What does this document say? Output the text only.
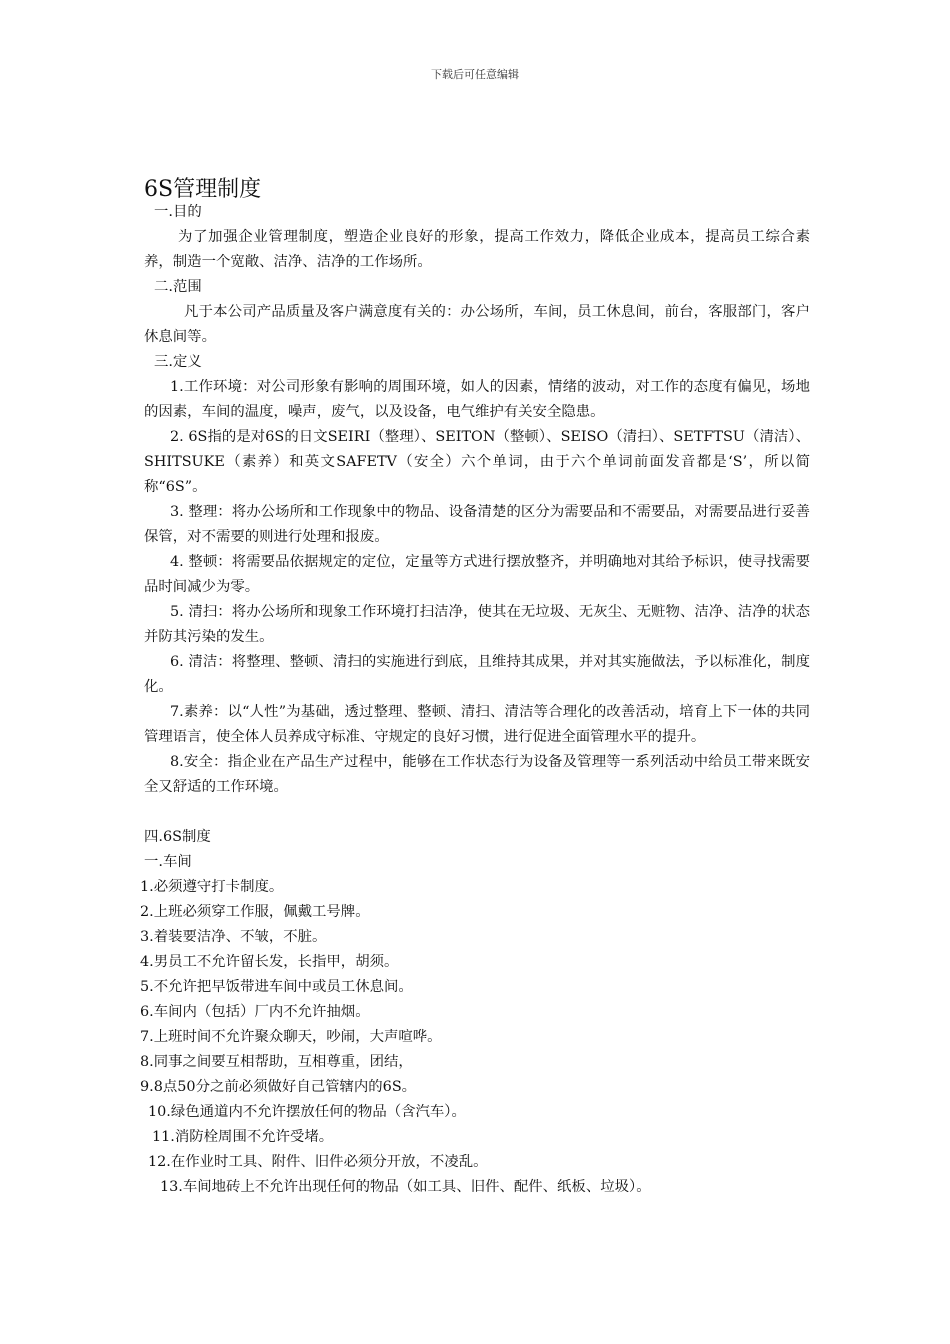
下载后可任意编辑
6S管理制度

一.目的

为了加强企业管理制度，塑造企业良好的形象，提高工作效力，降低企业成本，提高员工综合素养，制造一个宽敞、洁净、洁净的工作场所。

二.范围

凡于本公司产品质量及客户满意度有关的：办公场所，车间，员工休息间，前台，客服部门，客户休息间等。

三.定义

1.工作环境：对公司形象有影响的周围环境，如人的因素，情绪的波动，对工作的态度有偏见，场地的因素，车间的温度，噪声，废气，以及设备，电气维护有关安全隐患。

2. 6S指的是对6S的日文SEIRI（整理）、SEITON（整顿）、SEISO（清扫）、SETFTSU（清洁）、SHITSUKE（素养）和英文SAFETV（安全）六个单词，由于六个单词前面发音都是‘S’，所以简称“6S”。

3. 整理：将办公场所和工作现象中的物品、设备清楚的区分为需要品和不需要品，对需要品进行妥善保管，对不需要的则进行处理和报废。

4. 整顿：将需要品依据规定的定位，定量等方式进行摆放整齐，并明确地对其给予标识，使寻找需要品时间减少为零。

5. 清扫：将办公场所和现象工作环境打扫洁净，使其在无垃圾、无灰尘、无赃物、洁净、洁净的状态并防其污染的发生。

6. 清洁：将整理、整顿、清扫的实施进行到底，且维持其成果，并对其实施做法，予以标准化，制度化。

7.素养：以“人性”为基础，透过整理、整顿、清扫、清洁等合理化的改善活动，培育上下一体的共同管理语言，使全体人员养成守标准、守规定的良好习惯，进行促进全面管理水平的提升。

8.安全：指企业在产品生产过程中，能够在工作状态行为设备及管理等一系列活动中给员工带来既安全又舒适的工作环境。

四.6S制度

一.车间

1.必须遵守打卡制度。

2.上班必须穿工作服，佩戴工号牌。

3.着装要洁净、不皱，不脏。

4.男员工不允许留长发，长指甲，胡须。

5.不允许把早饭带进车间中或员工休息间。

6.车间内（包括）厂内不允许抽烟。

7.上班时间不允许聚众聊天，吵闹，大声喧哗。

8.同事之间要互相帮助，互相尊重，团结，

9.8点50分之前必须做好自己管辖内的6S。

10.绿色通道内不允许摆放任何的物品（含汽车）。

11.消防栓周围不允许受堵。

12.在作业时工具、附件、旧件必须分开放，不凌乱。

13.车间地砖上不允许出现任何的物品（如工具、旧件、配件、纸板、垃圾）。
